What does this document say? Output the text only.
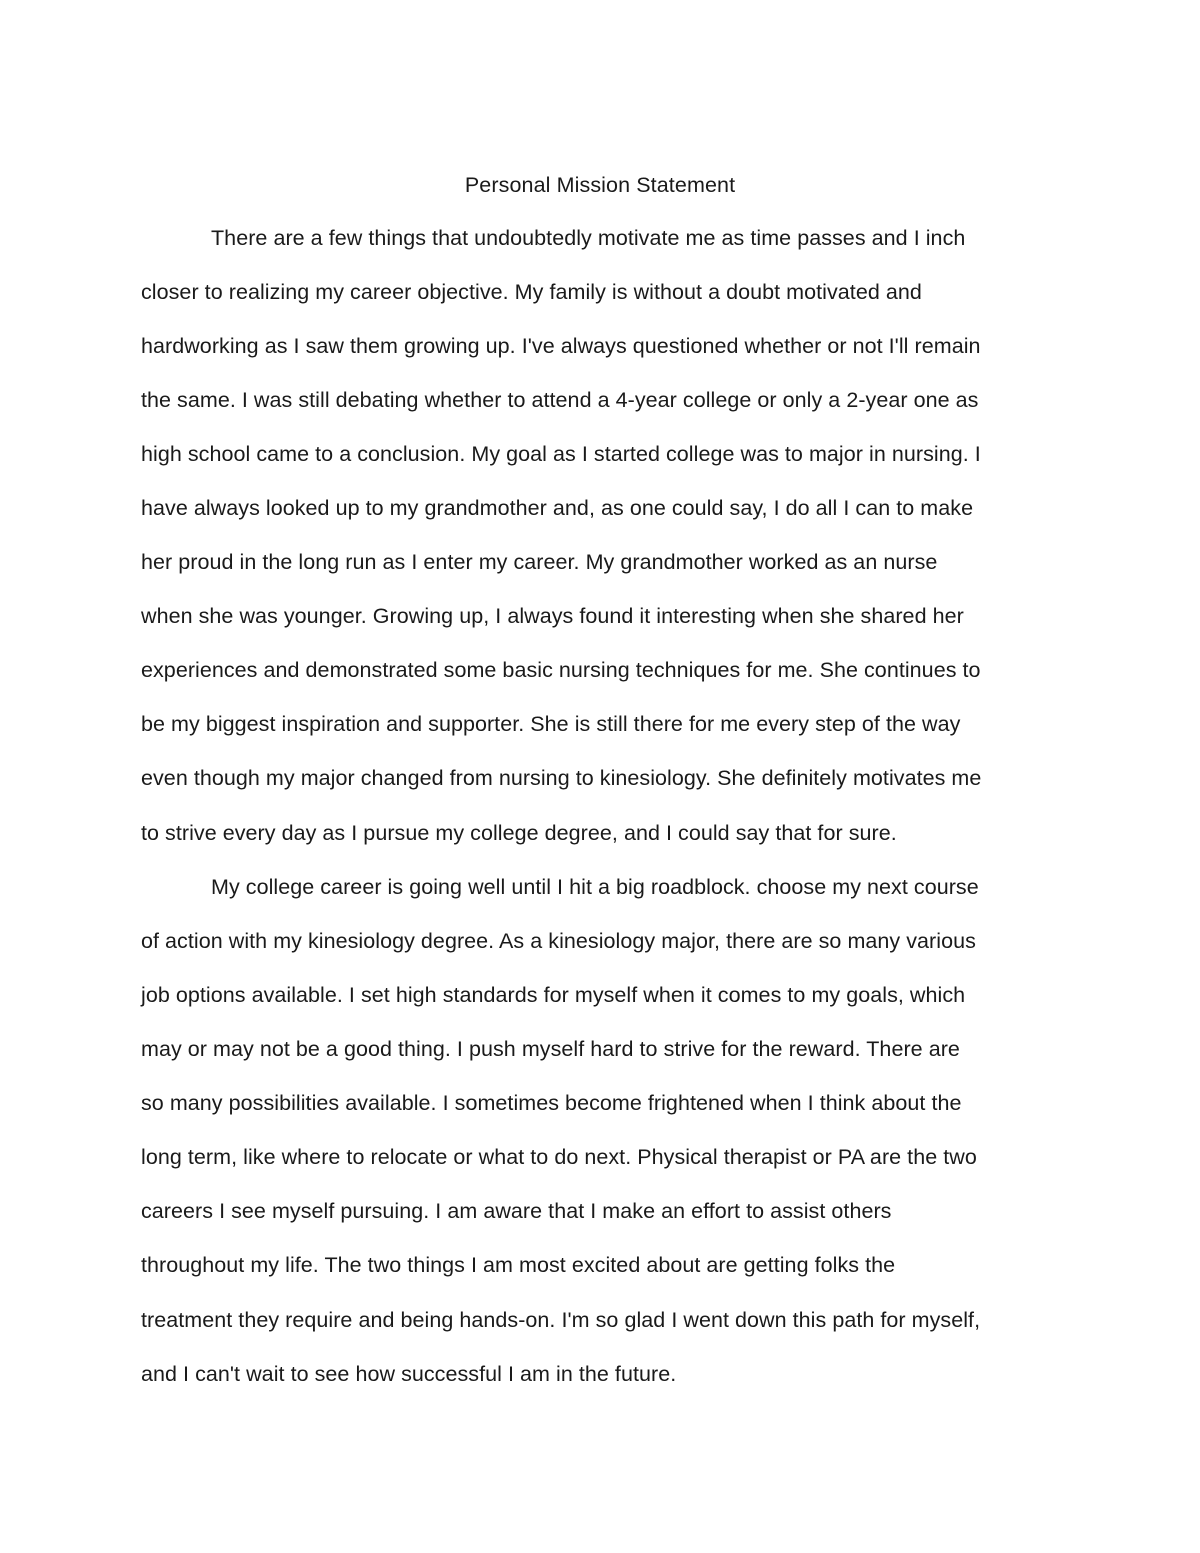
Personal Mission Statement
There are a few things that undoubtedly motivate me as time passes and I inch
closer to realizing my career objective. My family is without a doubt motivated and
hardworking as I saw them growing up. I've always questioned whether or not I'll remain
the same. I was still debating whether to attend a 4-year college or only a 2-year one as
high school came to a conclusion. My goal as I started college was to major in nursing. I
have always looked up to my grandmother and, as one could say, I do all I can to make
her proud in the long run as I enter my career. My grandmother worked as an nurse
when she was younger. Growing up, I always found it interesting when she shared her
experiences and demonstrated some basic nursing techniques for me. She continues to
be my biggest inspiration and supporter. She is still there for me every step of the way
even though my major changed from nursing to kinesiology. She definitely motivates me
to strive every day as I pursue my college degree, and I could say that for sure.
My college career is going well until I hit a big roadblock. choose my next course
of action with my kinesiology degree. As a kinesiology major, there are so many various
job options available. I set high standards for myself when it comes to my goals, which
may or may not be a good thing. I push myself hard to strive for the reward. There are
so many possibilities available. I sometimes become frightened when I think about the
long term, like where to relocate or what to do next. Physical therapist or PA are the two
careers I see myself pursuing. I am aware that I make an effort to assist others
throughout my life. The two things I am most excited about are getting folks the
treatment they require and being hands-on. I'm so glad I went down this path for myself,
and I can't wait to see how successful I am in the future.
